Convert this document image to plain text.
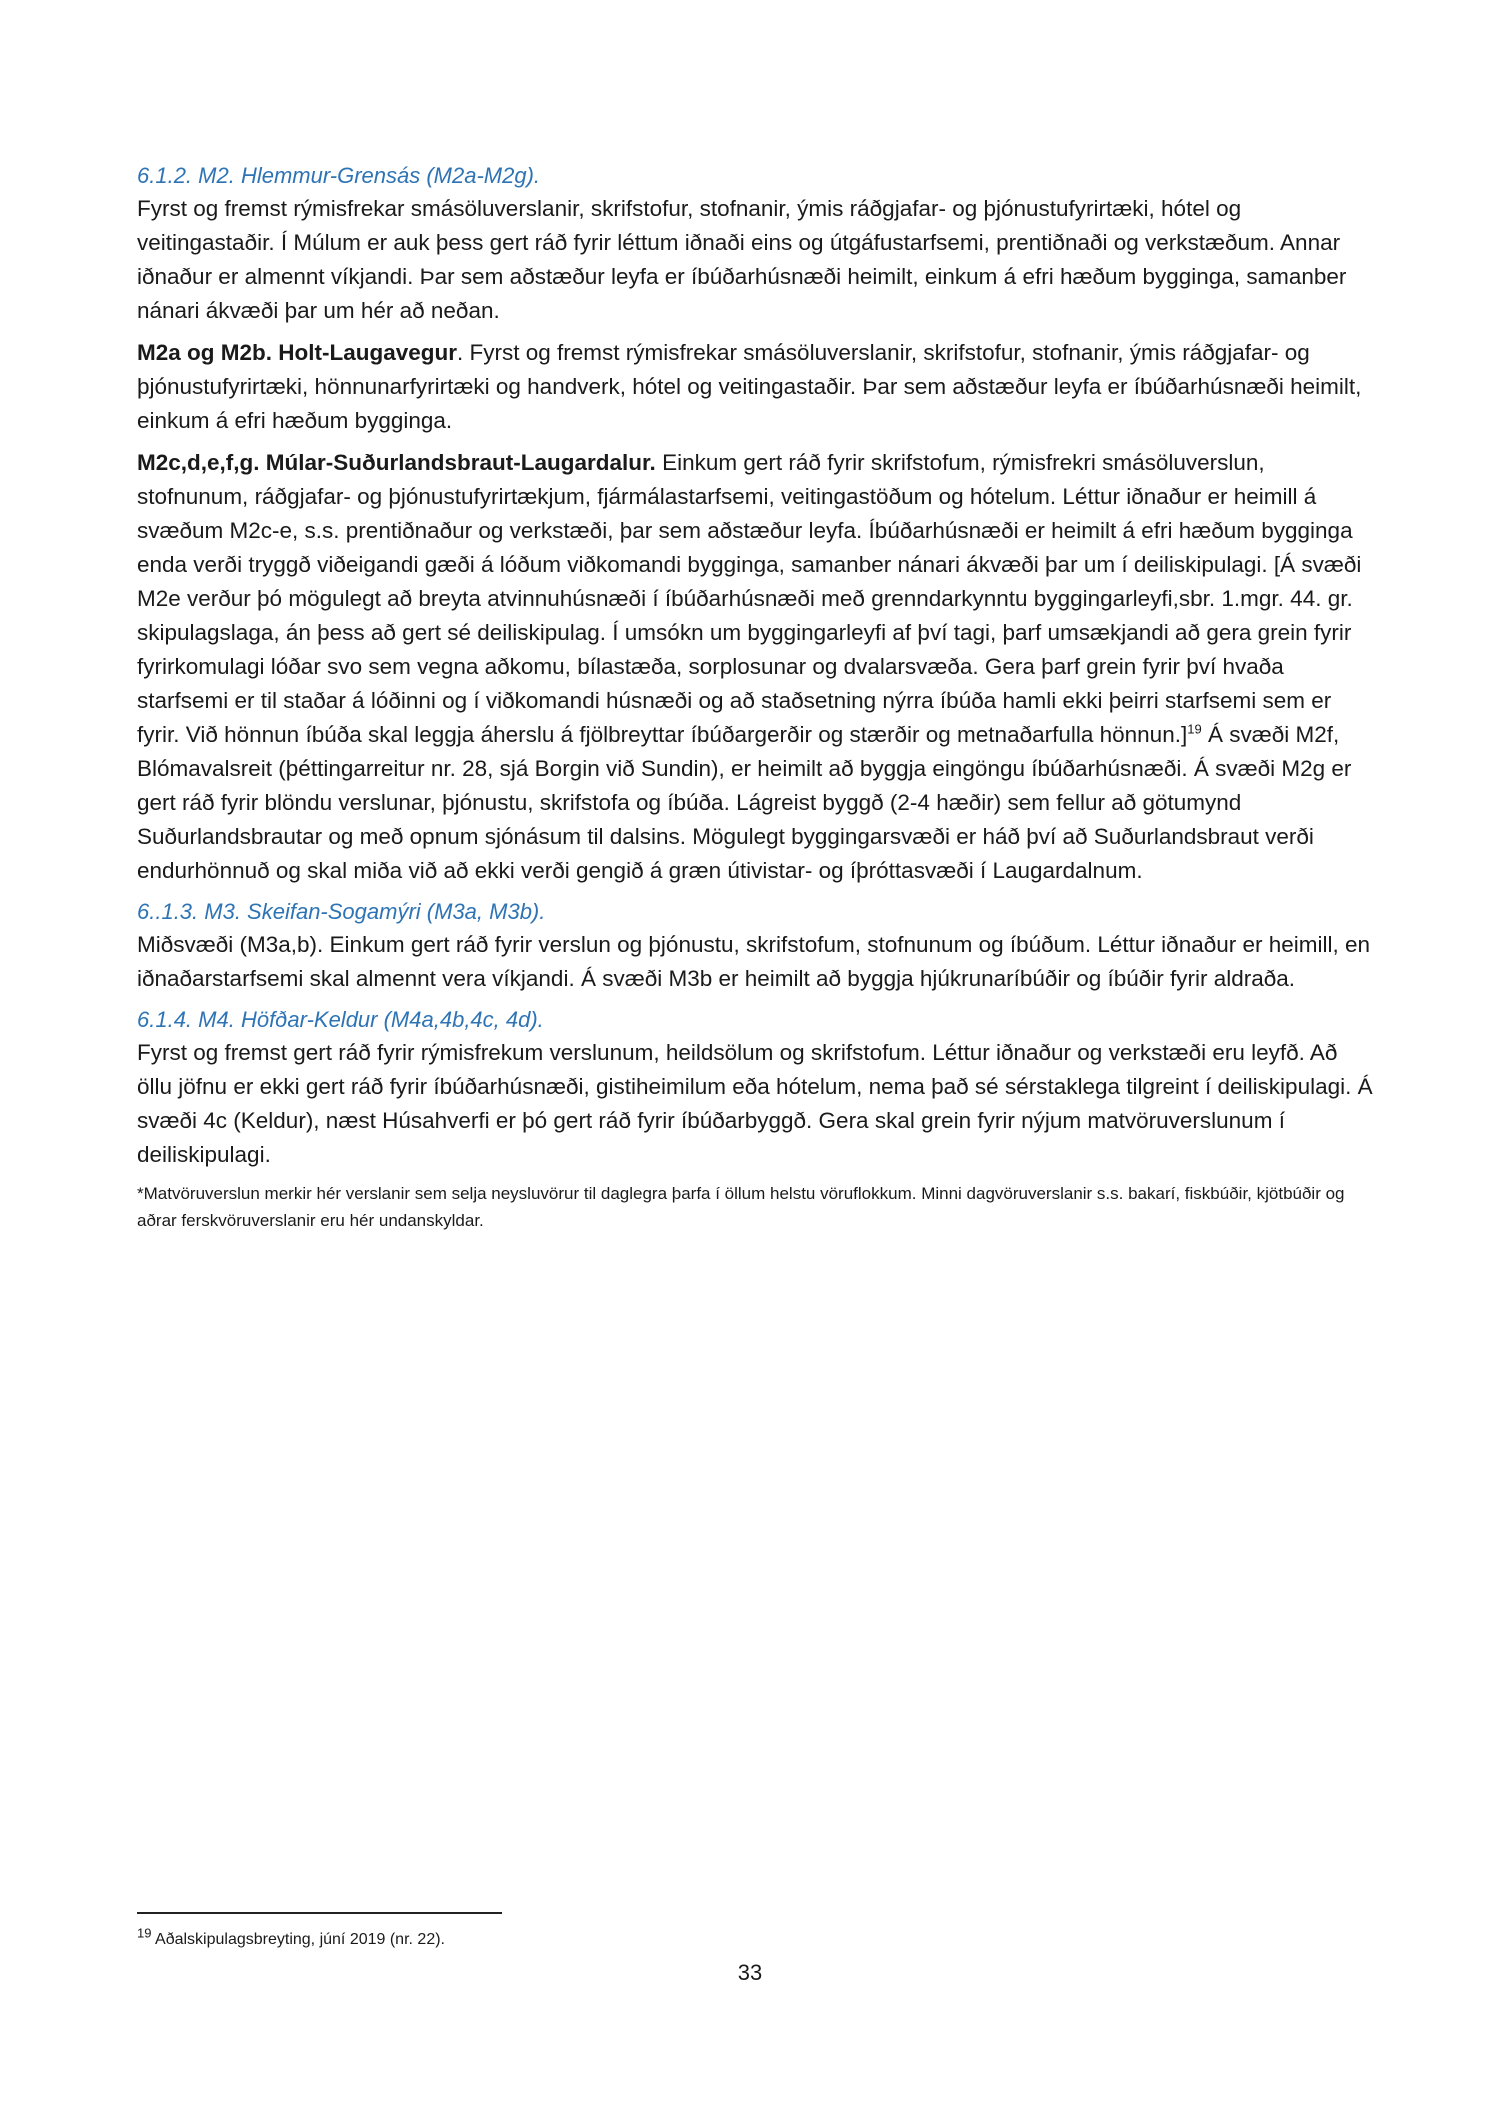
6.1.2. M2. Hlemmur-Grensás (M2a-M2g).

Fyrst og fremst rýmisfrekar smásöluverslanir, skrifstofur, stofnanir, ýmis ráðgjafar- og þjónustufyrirtæki, hótel og veitingastaðir. Í Múlum er auk þess gert ráð fyrir léttum iðnaði eins og útgáfustarfsemi, prentiðnaði og verkstæðum. Annar iðnaður er almennt víkjandi. Þar sem aðstæður leyfa er íbúðarhúsnæði heimilt, einkum á efri hæðum bygginga, samanber nánari ákvæði þar um hér að neðan.

M2a og M2b. Holt-Laugavegur. Fyrst og fremst rýmisfrekar smásöluverslanir, skrifstofur, stofnanir, ýmis ráðgjafar- og þjónustufyrirtæki, hönnunarfyrirtæki og handverk, hótel og veitingastaðir. Þar sem aðstæður leyfa er íbúðarhúsnæði heimilt, einkum á efri hæðum bygginga.

M2c,d,e,f,g. Múlar-Suðurlandsbraut-Laugardalur. Einkum gert ráð fyrir skrifstofum, rýmisfrekri smásöluverslun, stofnunum, ráðgjafar- og þjónustufyrirtækjum, fjármálastarfsemi, veitingastöðum og hótelum. Léttur iðnaður er heimill á svæðum M2c-e, s.s. prentiðnaður og verkstæði, þar sem aðstæður leyfa. Íbúðarhúsnæði er heimilt á efri hæðum bygginga enda verði tryggð viðeigandi gæði á lóðum viðkomandi bygginga, samanber nánari ákvæði þar um í deiliskipulagi. [Á svæði M2e verður þó mögulegt að breyta atvinnuhúsnæði í íbúðarhúsnæði með grenndarkynntu byggingarleyfi,sbr. 1.mgr. 44. gr. skipulagslaga, án þess að gert sé deiliskipulag. Í umsókn um byggingarleyfi af því tagi, þarf umsækjandi að gera grein fyrir fyrirkomulagi lóðar svo sem vegna aðkomu, bílastæða, sorplosunar og dvalarsvæða. Gera þarf grein fyrir því hvaða starfsemi er til staðar á lóðinni og í viðkomandi húsnæði og að staðsetning nýrra íbúða hamli ekki þeirri starfsemi sem er fyrir. Við hönnun íbúða skal leggja áherslu á fjölbreyttar íbúðargerðir og stærðir og metnaðarfulla hönnun.]$^{19}$ Á svæði M2f, Blómavalsreit (þéttingarreitur nr. 28, sjá Borgin við Sundin), er heimilt að byggja eingöngu íbúðarhúsnæði. Á svæði M2g er gert ráð fyrir blöndu verslunar, þjónustu, skrifstofa og íbúða. Lágreist byggð (2-4 hæðir) sem fellur að götumynd Suðurlandsbrautar og með opnum sjónásum til dalsins. Mögulegt byggingarsvæði er háð því að Suðurlandsbraut verði endurhönnuð og skal miða við að ekki verði gengið á græn útivistar- og íþróttasvæði í Laugardalnum.

6..1.3. M3. Skeifan-Sogamýri (M3a, M3b).

Miðsvæði (M3a,b). Einkum gert ráð fyrir verslun og þjónustu, skrifstofum, stofnunum og íbúðum. Léttur iðnaður er heimill, en iðnaðarstarfsemi skal almennt vera víkjandi. Á svæði M3b er heimilt að byggja hjúkrunaríbúðir og íbúðir fyrir aldraða.

6.1.4. M4. Höfðar-Keldur (M4a,4b,4c, 4d).

Fyrst og fremst gert ráð fyrir rýmisfrekum verslunum, heildsölum og skrifstofum. Léttur iðnaður og verkstæði eru leyfð. Að öllu jöfnu er ekki gert ráð fyrir íbúðarhúsnæði, gistiheimilum eða hótelum, nema það sé sérstaklega tilgreint í deiliskipulagi. Á svæði 4c (Keldur), næst Húsahverfi er þó gert ráð fyrir íbúðarbyggð. Gera skal grein fyrir nýjum matvöruverslunum í deiliskipulagi.

*Matvöruverslun merkir hér verslanir sem selja neysluvörur til daglegra þarfa í öllum helstu vöruflokkum. Minni dagvöruverslanir s.s. bakarí, fiskbúðir, kjötbúðir og aðrar ferskvöruverslanir eru hér undanskyldar.

$^{19}$ Aðalskipulagsbreyting, júní 2019 (nr. 22).
33
